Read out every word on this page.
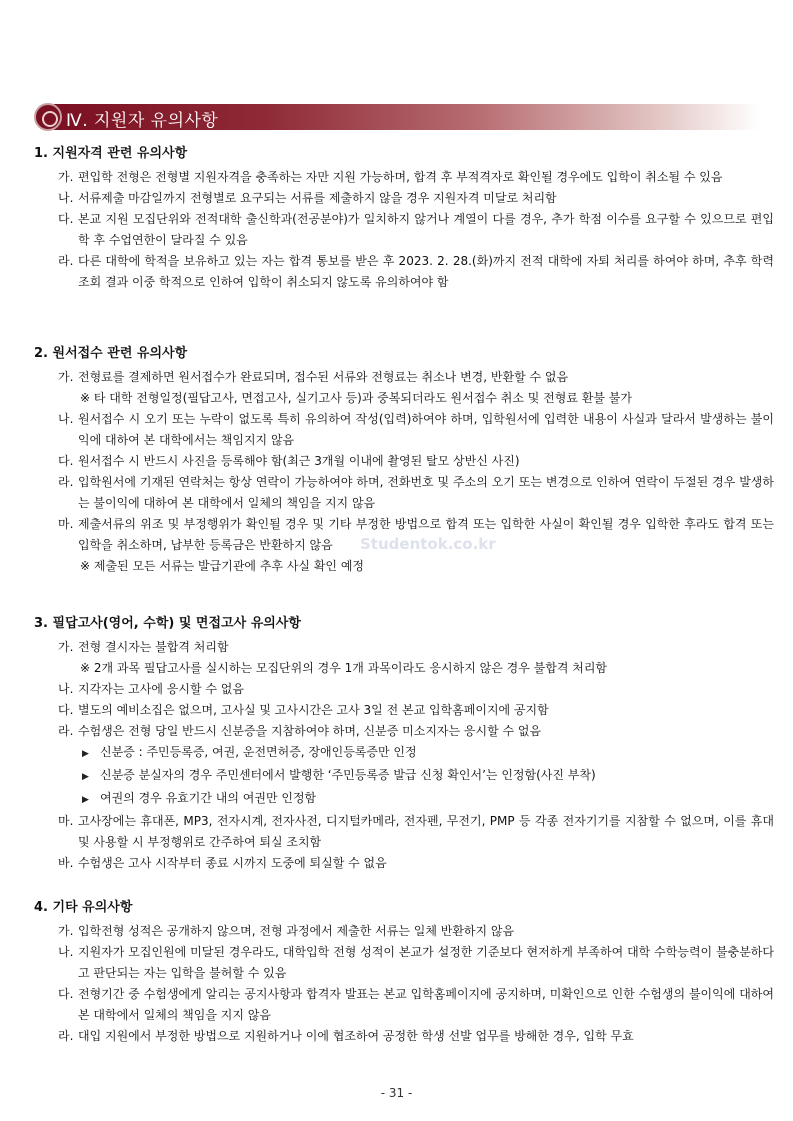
Ⅳ. 지원자 유의사항
1. 지원자격 관련 유의사항
가. 편입학 전형은 전형별 지원자격을 충족하는 자만 지원 가능하며, 합격 후 부적격자로 확인될 경우에도 입학이 취소될 수 있음
나. 서류제출 마감일까지 전형별로 요구되는 서류를 제출하지 않을 경우 지원자격 미달로 처리함
다. 본교 지원 모집단위와 전적대학 출신학과(전공분야)가 일치하지 않거나 계열이 다를 경우, 추가 학점 이수를 요구할 수 있으므로 편입학 후 수업연한이 달라질 수 있음
라. 다른 대학에 학적을 보유하고 있는 자는 합격 통보를 받은 후 2023. 2. 28.(화)까지 전적 대학에 자퇴 처리를 하여야 하며, 추후 학력조회 결과 이중 학적으로 인하여 입학이 취소되지 않도록 유의하여야 함
2. 원서접수 관련 유의사항
가. 전형료를 결제하면 원서접수가 완료되며, 접수된 서류와 전형료는 취소나 변경, 반환할 수 없음
※ 타 대학 전형일정(필답고사, 면접고사, 실기고사 등)과 중복되더라도 원서접수 취소 및 전형료 환불 불가
나. 원서접수 시 오기 또는 누락이 없도록 특히 유의하여 작성(입력)하여야 하며, 입학원서에 입력한 내용이 사실과 달라서 발생하는 불이익에 대하여 본 대학에서는 책임지지 않음
다. 원서접수 시 반드시 사진을 등록해야 함(최근 3개월 이내에 촬영된 탈모 상반신 사진)
라. 입학원서에 기재된 연락처는 항상 연락이 가능하여야 하며, 전화번호 및 주소의 오기 또는 변경으로 인하여 연락이 두절된 경우 발생하는 불이익에 대하여 본 대학에서 일체의 책임을 지지 않음
마. 제출서류의 위조 및 부정행위가 확인될 경우 및 기타 부정한 방법으로 합격 또는 입학한 사실이 확인될 경우 입학한 후라도 합격 또는 입학을 취소하며, 납부한 등록금은 반환하지 않음
※ 제출된 모든 서류는 발급기관에 추후 사실 확인 예정
3. 필답고사(영어, 수학) 및 면접고사 유의사항
가. 전형 결시자는 불합격 처리함
※ 2개 과목 필답고사를 실시하는 모집단위의 경우 1개 과목이라도 응시하지 않은 경우 불합격 처리함
나. 지각자는 고사에 응시할 수 없음
다. 별도의 예비소집은 없으며, 고사실 및 고사시간은 고사 3일 전 본교 입학홈페이지에 공지함
라. 수험생은 전형 당일 반드시 신분증을 지참하여야 하며, 신분증 미소지자는 응시할 수 없음
▶ 신분증 : 주민등록증, 여권, 운전면허증, 장애인등록증만 인정
▶ 신분증 분실자의 경우 주민센터에서 발행한 ‘주민등록증 발급 신청 확인서’는 인정함(사진 부착)
▶ 여권의 경우 유효기간 내의 여권만 인정함
마. 고사장에는 휴대폰, MP3, 전자시계, 전자사전, 디지털카메라, 전자펜, 무전기, PMP 등 각종 전자기기를 지참할 수 없으며, 이를 휴대 및 사용할 시 부정행위로 간주하여 퇴실 조치함
바. 수험생은 고사 시작부터 종료 시까지 도중에 퇴실할 수 없음
4. 기타 유의사항
가. 입학전형 성적은 공개하지 않으며, 전형 과정에서 제출한 서류는 일체 반환하지 않음
나. 지원자가 모집인원에 미달된 경우라도, 대학입학 전형 성적이 본교가 설정한 기준보다 현저하게 부족하여 대학 수학능력이 불충분하다고 판단되는 자는 입학을 불허할 수 있음
다. 전형기간 중 수험생에게 알리는 공지사항과 합격자 발표는 본교 입학홈페이지에 공지하며, 미확인으로 인한 수험생의 불이익에 대하여 본 대학에서 일체의 책임을 지지 않음
라. 대입 지원에서 부정한 방법으로 지원하거나 이에 협조하여 공정한 학생 선발 업무를 방해한 경우, 입학 무효
Studentok.co.kr
- 31 -
